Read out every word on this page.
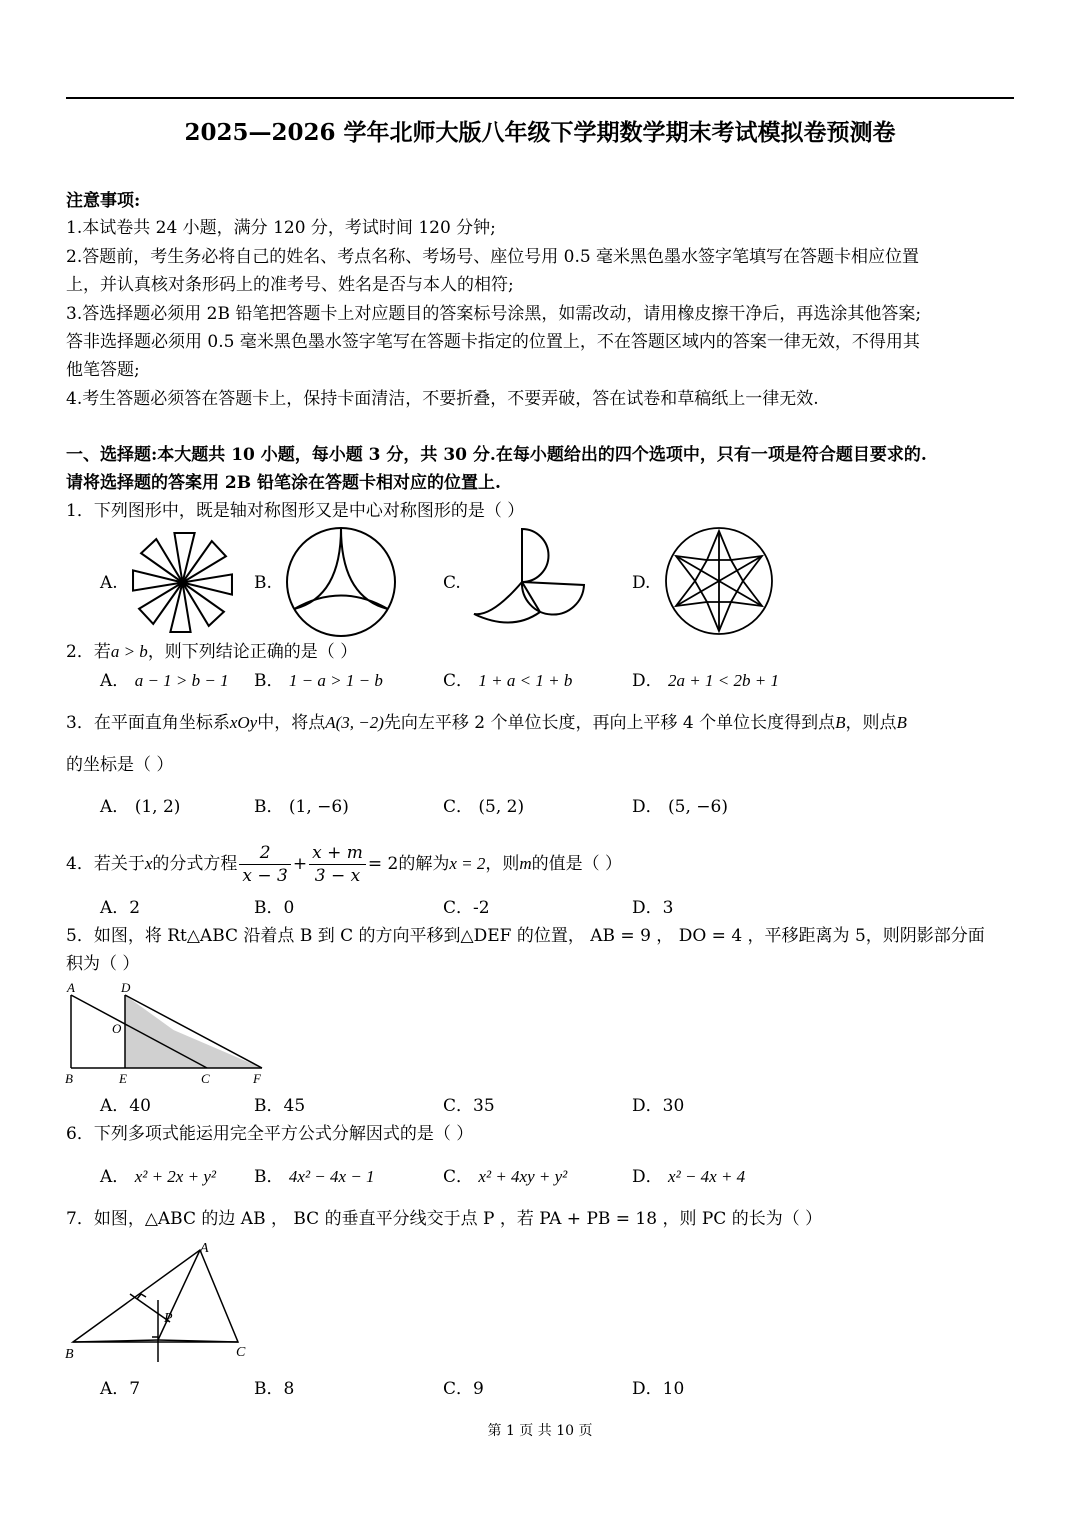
2025—2026 学年北师大版八年级下学期数学期末考试模拟卷预测卷
注意事项:
1.本试卷共 24 小题，满分 120 分，考试时间 120 分钟;
2.答题前，考生务必将自己的姓名、考点名称、考场号、座位号用 0.5 毫米黑色墨水签字笔填写在答题卡相应位置
上，并认真核对条形码上的准考号、姓名是否与本人的相符;
3.答选择题必须用 2B 铅笔把答题卡上对应题目的答案标号涂黑，如需改动，请用橡皮擦干净后，再选涂其他答案;
答非选择题必须用 0.5 毫米黑色墨水签字笔写在答题卡指定的位置上，不在答题区域内的答案一律无效，不得用其
他笔答题;
4.考生答题必须答在答题卡上，保持卡面清洁，不要折叠，不要弄破，答在试卷和草稿纸上一律无效.
一、选择题:本大题共 10 小题，每小题 3 分，共 30 分.在每小题给出的四个选项中，只有一项是符合题目要求的.
请将选择题的答案用 2B 铅笔涂在答题卡相对应的位置上.
1．下列图形中，既是轴对称图形又是中心对称图形的是（ ）
A.	B.	C.	D.
2．若a > b，则下列结论正确的是（ ）
A． a − 1 > b − 1 B． 1 − a > 1 − b	C． 1 + a < 1 + b	D． 2a + 1 < 2b + 1
3．在平面直角坐标系xOy中，将点A(3, −2)先向左平移 2 个单位长度，再向上平移 4 个单位长度得到点B，则点B
的坐标是（ ）
A． (1, 2)	B． (1, −6)	C． (5, 2)	D． (5, −6)
4．若关于x的分式方程 $\frac{2}{x - 3} + \frac{x + m}{3 - x} = 2$的解为x = 2，则m的值是（ ）
A．2	B．0	C．-2	D．3
5．如图，将 Rt△ABC 沿着点 B 到 C 的方向平移到△DEF 的位置， AB = 9 ， DO = 4 ，平移距离为 5，则阴影部分面
积为（ ）
A	D
O
B	E	C	F
A．40	B．45	C．35	D．30
6．下列多项式能运用完全平方公式分解因式的是（ ）
A． x² + 2x + y² B． 4x² − 4x − 1	C． x² + 4xy + y²	D． x² − 4x + 4
7．如图，△ABC 的边 AB ， BC 的垂直平分线交于点 P ，若 PA + PB = 18 ，则 PC 的长为（ ）
A
B	C
P
A．7	B．8	C．9	D．10
第 1 页 共 10 页
